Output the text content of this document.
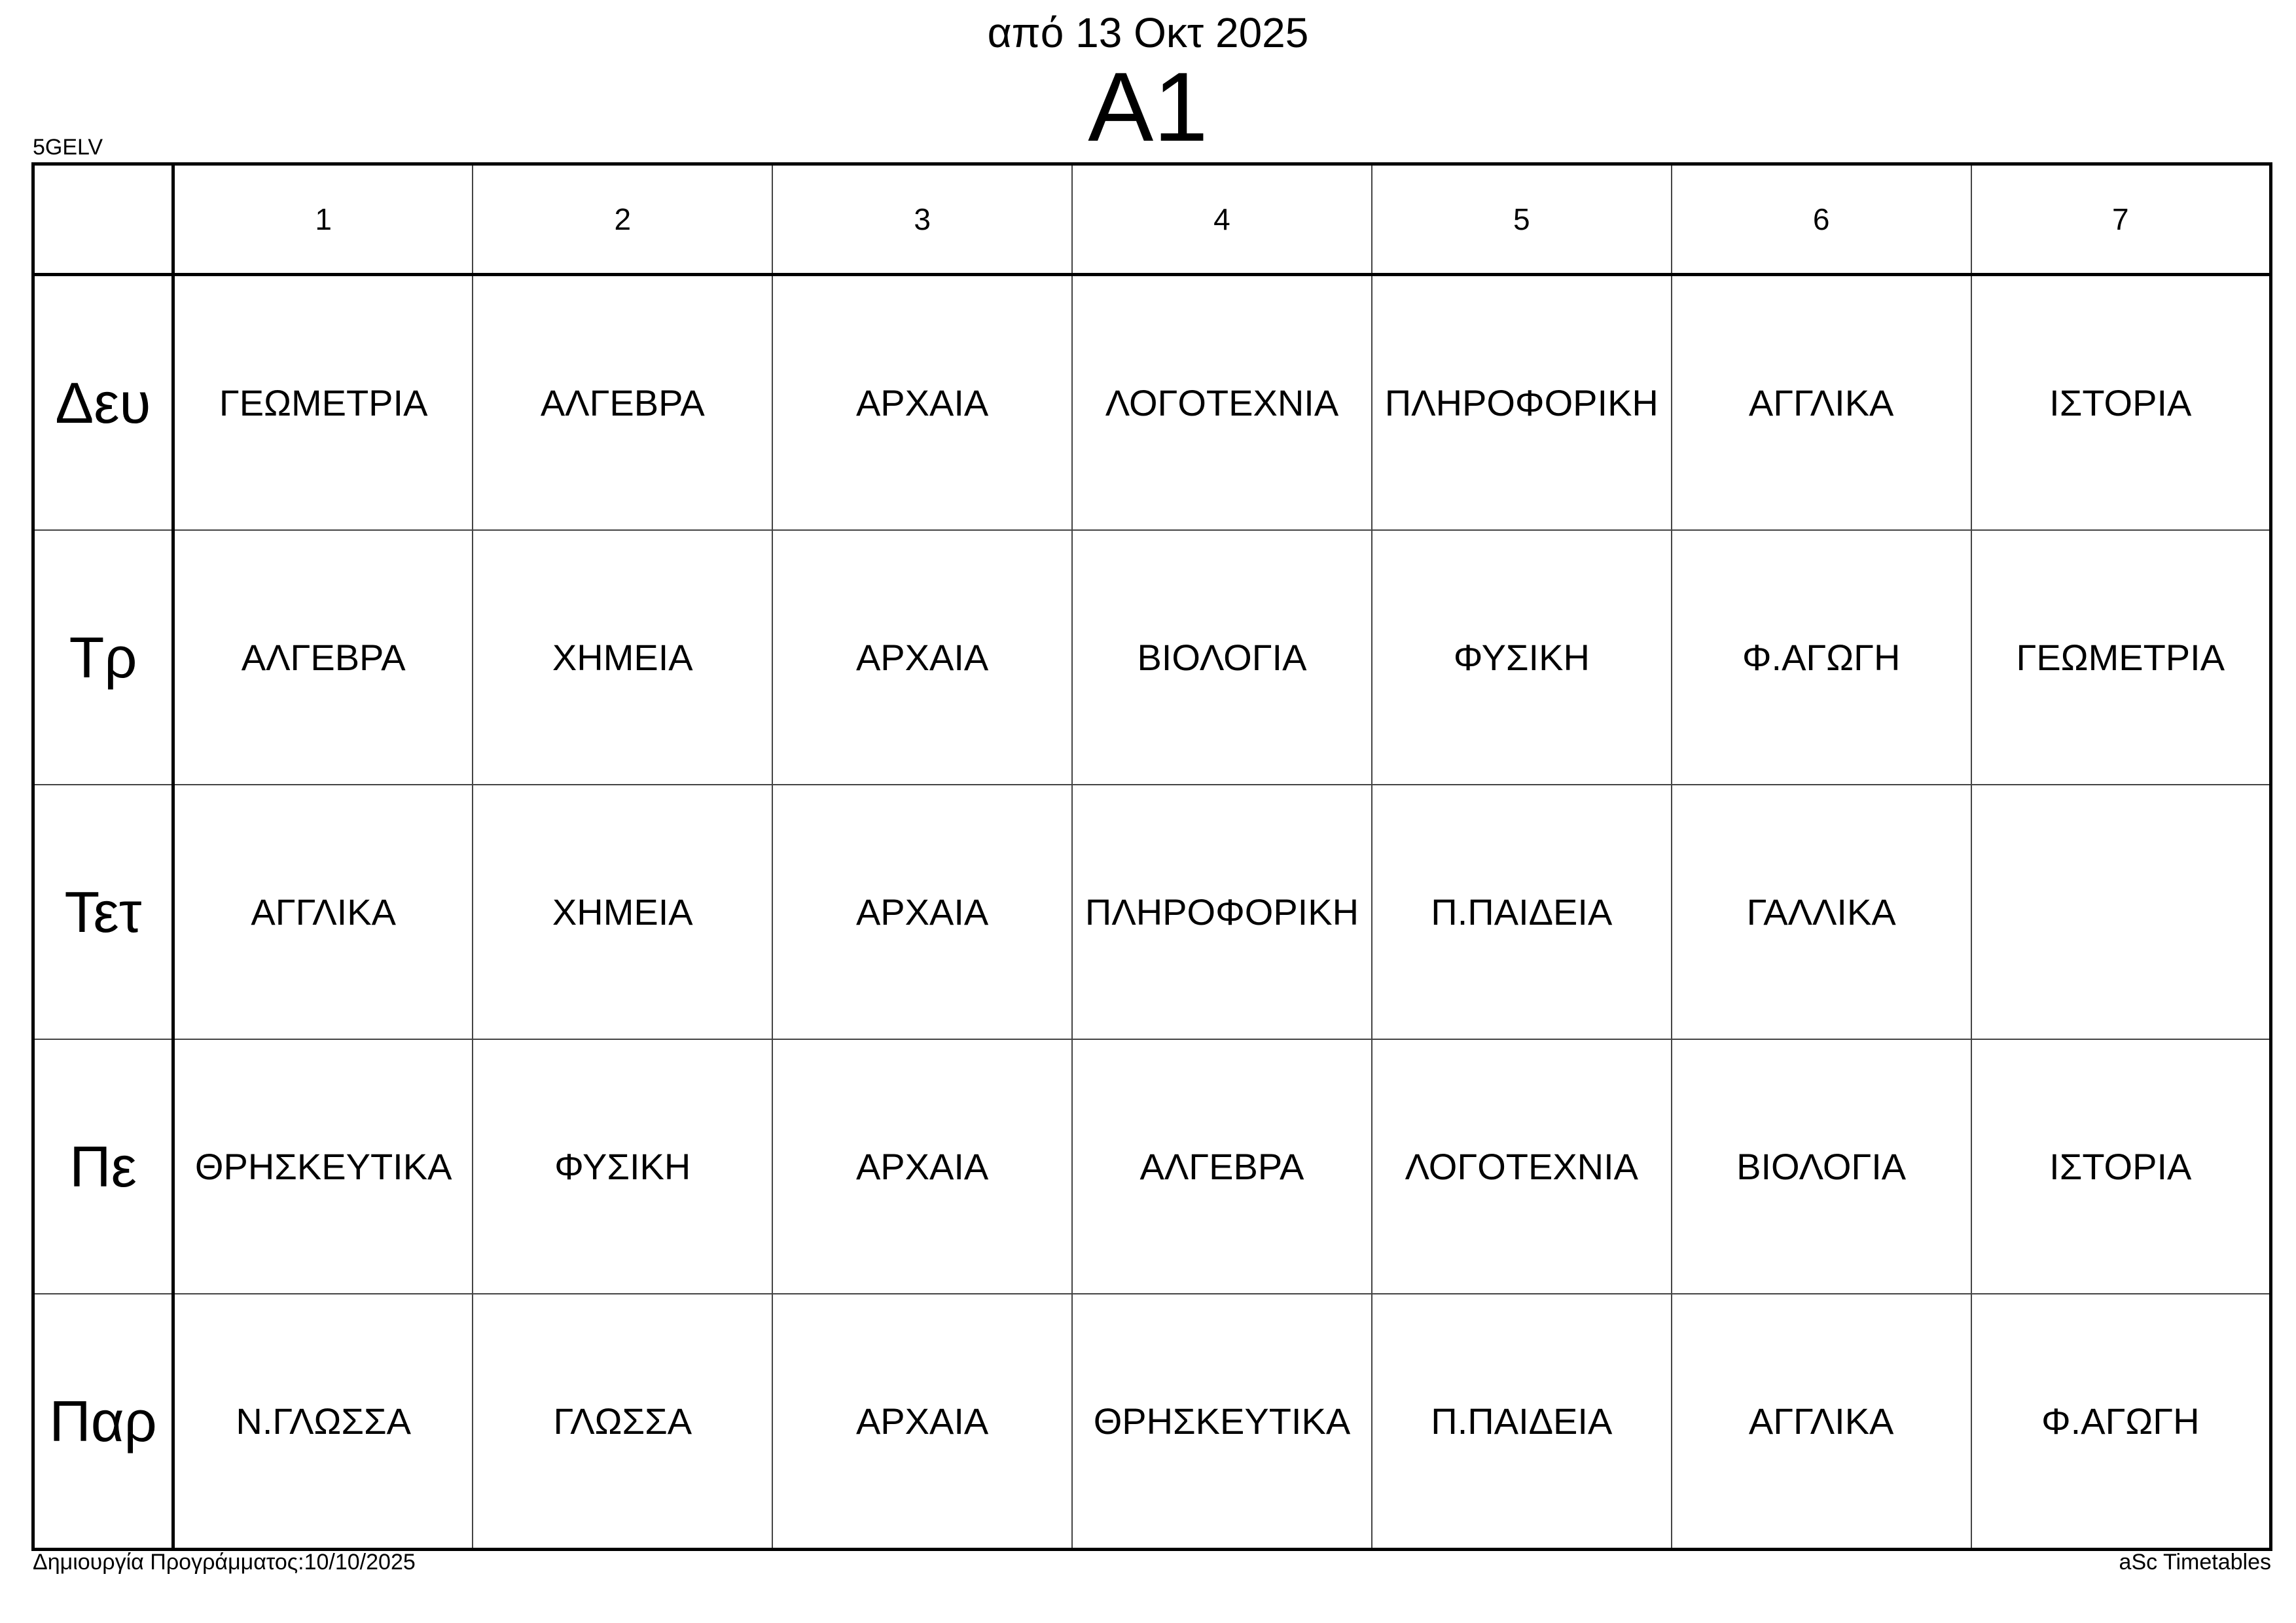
από 13 Οκτ 2025
A1
5GELV
	1	2	3	4	5	6	7
Δευ	ΓΕΩΜΕΤΡΙΑ	ΑΛΓΕΒΡΑ	ΑΡΧΑΙΑ	ΛΟΓΟΤΕΧΝΙΑ	ΠΛΗΡΟΦΟΡΙΚΗ	ΑΓΓΛΙΚΑ	ΙΣΤΟΡΙΑ
Τρ	ΑΛΓΕΒΡΑ	ΧΗΜΕΙΑ	ΑΡΧΑΙΑ	ΒΙΟΛΟΓΙΑ	ΦΥΣΙΚΗ	Φ.ΑΓΩΓΗ	ΓΕΩΜΕΤΡΙΑ
Τετ	ΑΓΓΛΙΚΑ	ΧΗΜΕΙΑ	ΑΡΧΑΙΑ	ΠΛΗΡΟΦΟΡΙΚΗ	Π.ΠΑΙΔΕΙΑ	ΓΑΛΛΙΚΑ	
Πε	ΘΡΗΣΚΕΥΤΙΚΑ	ΦΥΣΙΚΗ	ΑΡΧΑΙΑ	ΑΛΓΕΒΡΑ	ΛΟΓΟΤΕΧΝΙΑ	ΒΙΟΛΟΓΙΑ	ΙΣΤΟΡΙΑ
Παρ	Ν.ΓΛΩΣΣΑ	ΓΛΩΣΣΑ	ΑΡΧΑΙΑ	ΘΡΗΣΚΕΥΤΙΚΑ	Π.ΠΑΙΔΕΙΑ	ΑΓΓΛΙΚΑ	Φ.ΑΓΩΓΗ
Δημιουργία Προγράμματος:10/10/2025	aSc Timetables
